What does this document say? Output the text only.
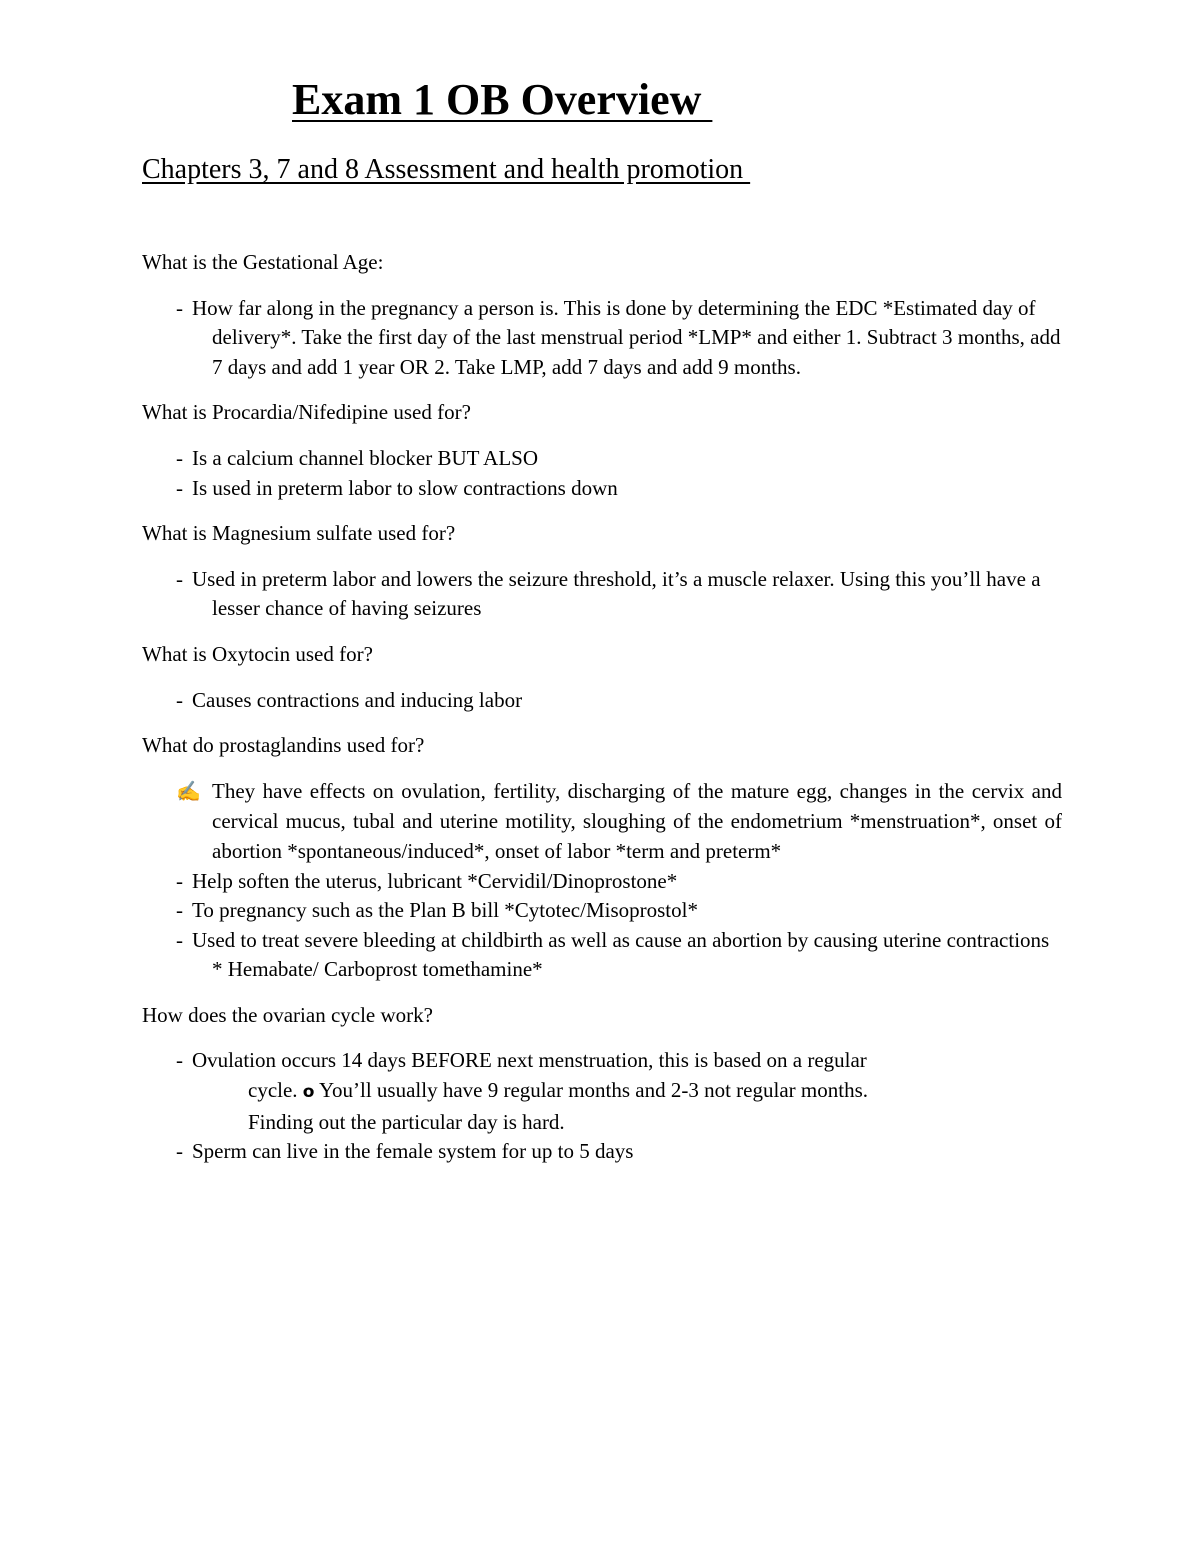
Exam 1 OB Overview
Chapters 3, 7 and 8 Assessment and health promotion

What is the Gestational Age:

-How far along in the pregnancy a person is. This is done by determining the EDC *Estimated day of delivery*. Take the first day of the last menstrual period *LMP* and either 1. Subtract 3 months, add 7 days and add 1 year OR 2. Take LMP, add 7 days and add 9 months.

What is Procardia/Nifedipine used for?

-Is a calcium channel blocker BUT ALSO
-Is used in preterm labor to slow contractions down

What is Magnesium sulfate used for?

-Used in preterm labor and lowers the seizure threshold, it’s a muscle relaxer. Using this you’ll have a lesser chance of having seizures

What is Oxytocin used for?

-Causes contractions and inducing labor

What do prostaglandins used for?

✍ They have effects on ovulation, fertility, discharging of the mature egg, changes in the cervix and cervical mucus, tubal and uterine motility, sloughing of the endometrium *menstruation*, onset of abortion *spontaneous/induced*, onset of labor *term and preterm*
-Help soften the uterus, lubricant *Cervidil/Dinoprostone*
-To pregnancy such as the Plan B bill *Cytotec/Misoprostol*
-Used to treat severe bleeding at childbirth as well as cause an abortion by causing uterine contractions * Hemabate/ Carboprost tomethamine*

How does the ovarian cycle work?

-Ovulation occurs 14 days BEFORE next menstruation, this is based on a regular
cycle. o You’ll usually have 9 regular months and 2-3 not regular months.
Finding out the particular day is hard.
-Sperm can live in the female system for up to 5 days
